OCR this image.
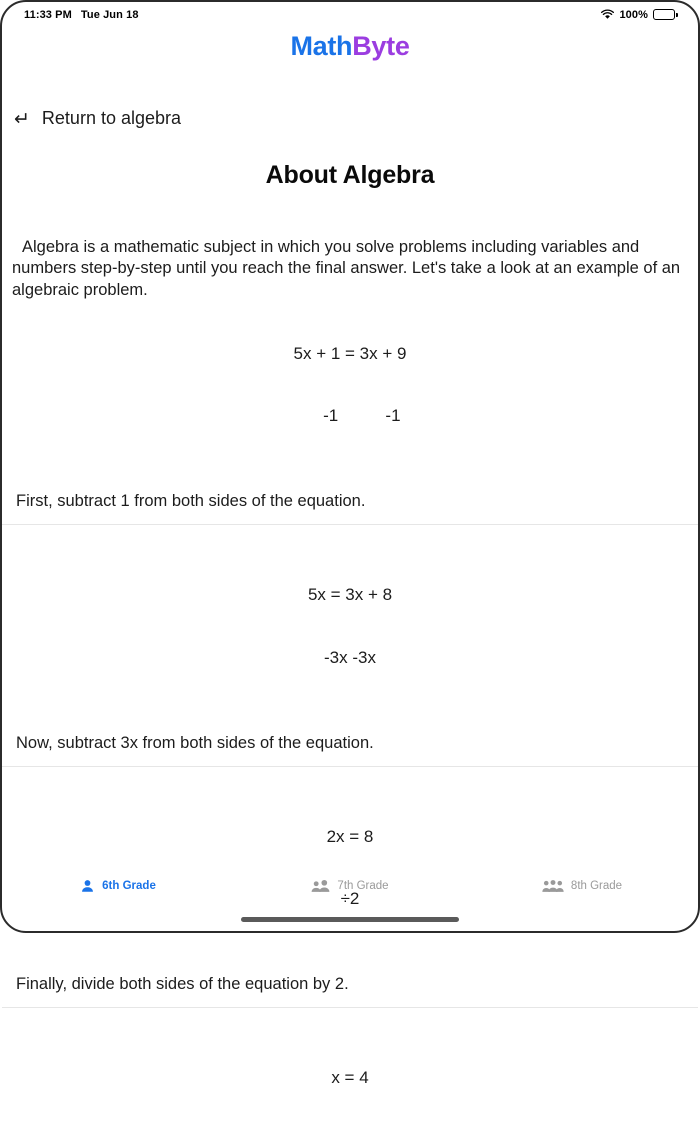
11:33 PM Tue Jun 18	100%
MathByte
↵ Return to algebra
About Algebra

Algebra is a mathematic subject in which you solve problems including variables and numbers step-by-step until you reach the final answer. Let's take a look at an example of an algebraic problem.

5x + 1 = 3x + 9

-1          -1

First, subtract 1 from both sides of the equation.

5x = 3x + 8

-3x -3x

Now, subtract 3x from both sides of the equation.

2x = 8

÷2

Finally, divide both sides of the equation by 2.

x = 4

6th Grade	7th Grade	8th Grade
